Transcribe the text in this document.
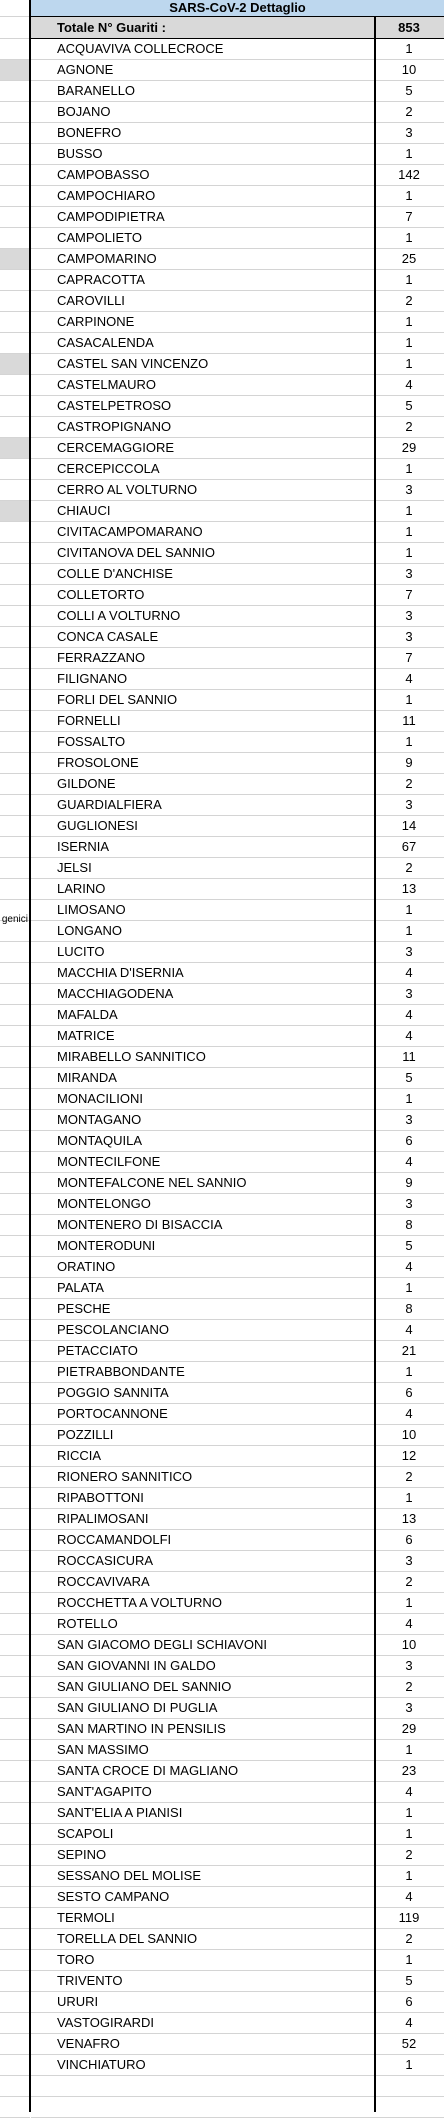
genici
SARS-CoV-2 Dettaglio
Totale N° Guariti :	853
ACQUAVIVA COLLECROCE	1
AGNONE	10
BARANELLO	5
BOJANO	2
BONEFRO	3
BUSSO	1
CAMPOBASSO	142
CAMPOCHIARO	1
CAMPODIPIETRA	7
CAMPOLIETO	1
CAMPOMARINO	25
CAPRACOTTA	1
CAROVILLI	2
CARPINONE	1
CASACALENDA	1
CASTEL SAN VINCENZO	1
CASTELMAURO	4
CASTELPETROSO	5
CASTROPIGNANO	2
CERCEMAGGIORE	29
CERCEPICCOLA	1
CERRO AL VOLTURNO	3
CHIAUCI	1
CIVITACAMPOMARANO	1
CIVITANOVA DEL SANNIO	1
COLLE D'ANCHISE	3
COLLETORTO	7
COLLI A VOLTURNO	3
CONCA CASALE	3
FERRAZZANO	7
FILIGNANO	4
FORLI DEL SANNIO	1
FORNELLI	11
FOSSALTO	1
FROSOLONE	9
GILDONE	2
GUARDIALFIERA	3
GUGLIONESI	14
ISERNIA	67
JELSI	2
LARINO	13
LIMOSANO	1
LONGANO	1
LUCITO	3
MACCHIA D'ISERNIA	4
MACCHIAGODENA	3
MAFALDA	4
MATRICE	4
MIRABELLO SANNITICO	11
MIRANDA	5
MONACILIONI	1
MONTAGANO	3
MONTAQUILA	6
MONTECILFONE	4
MONTEFALCONE NEL SANNIO	9
MONTELONGO	3
MONTENERO DI BISACCIA	8
MONTERODUNI	5
ORATINO	4
PALATA	1
PESCHE	8
PESCOLANCIANO	4
PETACCIATO	21
PIETRABBONDANTE	1
POGGIO SANNITA	6
PORTOCANNONE	4
POZZILLI	10
RICCIA	12
RIONERO SANNITICO	2
RIPABOTTONI	1
RIPALIMOSANI	13
ROCCAMANDOLFI	6
ROCCASICURA	3
ROCCAVIVARA	2
ROCCHETTA A VOLTURNO	1
ROTELLO	4
SAN GIACOMO DEGLI SCHIAVONI	10
SAN GIOVANNI IN GALDO	3
SAN GIULIANO DEL SANNIO	2
SAN GIULIANO DI PUGLIA	3
SAN MARTINO IN PENSILIS	29
SAN MASSIMO	1
SANTA CROCE DI MAGLIANO	23
SANT'AGAPITO	4
SANT'ELIA A PIANISI	1
SCAPOLI	1
SEPINO	2
SESSANO DEL MOLISE	1
SESTO CAMPANO	4
TERMOLI	119
TORELLA DEL SANNIO	2
TORO	1
TRIVENTO	5
URURI	6
VASTOGIRARDI	4
VENAFRO	52
VINCHIATURO	1
